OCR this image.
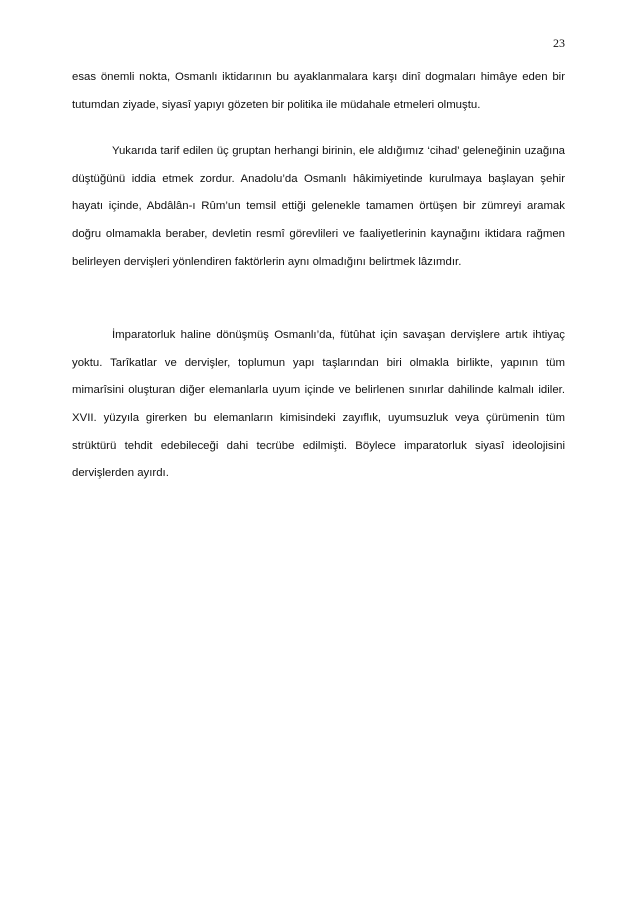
23

esas önemli nokta, Osmanlı iktidarının bu ayaklanmalara karşı dinî dogmaları himâye eden bir tutumdan ziyade, siyasî yapıyı gözeten bir politika ile müdahale etmeleri olmuştu.

Yukarıda tarif edilen üç gruptan herhangi birinin, ele aldığımız ‘cihad’ geleneğinin uzağına düştüğünü iddia etmek zordur. Anadolu’da Osmanlı hâkimiyetinde kurulmaya başlayan şehir hayatı içinde, Abdâlân-ı Rûm’un temsil ettiği gelenekle tamamen örtüşen bir zümreyi aramak doğru olmamakla beraber, devletin resmî görevlileri ve faaliyetlerinin kaynağını iktidara rağmen belirleyen dervişleri yönlendiren faktörlerin aynı olmadığını belirtmek lâzımdır.

İmparatorluk haline dönüşmüş Osmanlı’da, fütûhat için savaşan dervişlere artık ihtiyaç yoktu. Tarîkatlar ve dervişler, toplumun yapı taşlarından biri olmakla birlikte, yapının tüm mimarîsini oluşturan diğer elemanlarla uyum içinde ve belirlenen sınırlar dahilinde kalmalı idiler. XVII. yüzyıla girerken bu elemanların kimisindeki zayıflık, uyumsuzluk veya çürümenin tüm strüktürü tehdit edebileceği dahi tecrübe edilmişti. Böylece imparatorluk siyasî ideolojisini dervişlerden ayırdı.
